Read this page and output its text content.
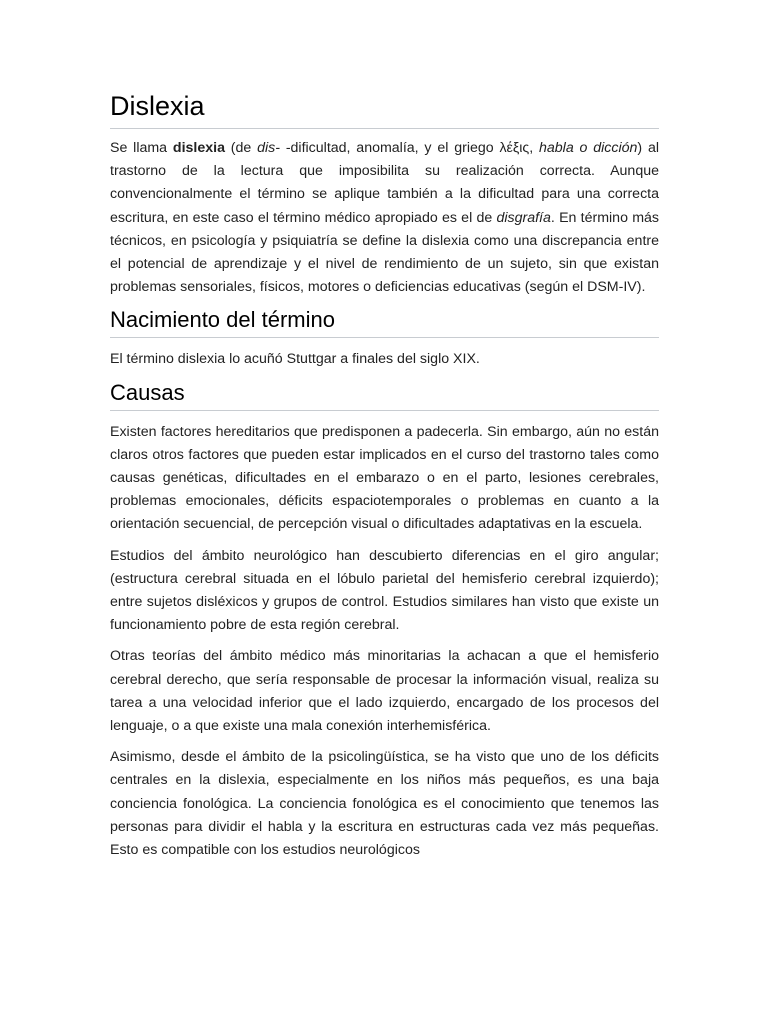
Dislexia

Se llama dislexia (de dis- -dificultad, anomalía, y el griego λέξις, habla o dicción) al trastorno de la lectura que imposibilita su realización correcta. Aunque convencionalmente el término se aplique también a la dificultad para una correcta escritura, en este caso el término médico apropiado es el de disgrafía. En término más técnicos, en psicología y psiquiatría se define la dislexia como una discrepancia entre el potencial de aprendizaje y el nivel de rendimiento de un sujeto, sin que existan problemas sensoriales, físicos, motores o deficiencias educativas (según el DSM-IV).

Nacimiento del término

El término dislexia lo acuñó Stuttgar a finales del siglo XIX.

Causas

Existen factores hereditarios que predisponen a padecerla. Sin embargo, aún no están claros otros factores que pueden estar implicados en el curso del trastorno tales como causas genéticas, dificultades en el embarazo o en el parto, lesiones cerebrales, problemas emocionales, déficits espaciotemporales o problemas en cuanto a la orientación secuencial, de percepción visual o dificultades adaptativas en la escuela.

Estudios del ámbito neurológico han descubierto diferencias en el giro angular; (estructura cerebral situada en el lóbulo parietal del hemisferio cerebral izquierdo); entre sujetos disléxicos y grupos de control. Estudios similares han visto que existe un funcionamiento pobre de esta región cerebral.

Otras teorías del ámbito médico más minoritarias la achacan a que el hemisferio cerebral derecho, que sería responsable de procesar la información visual, realiza su tarea a una velocidad inferior que el lado izquierdo, encargado de los procesos del lenguaje, o a que existe una mala conexión interhemisférica.

Asimismo, desde el ámbito de la psicolingüística, se ha visto que uno de los déficits centrales en la dislexia, especialmente en los niños más pequeños, es una baja conciencia fonológica. La conciencia fonológica es el conocimiento que tenemos las personas para dividir el habla y la escritura en estructuras cada vez más pequeñas. Esto es compatible con los estudios neurológicos
